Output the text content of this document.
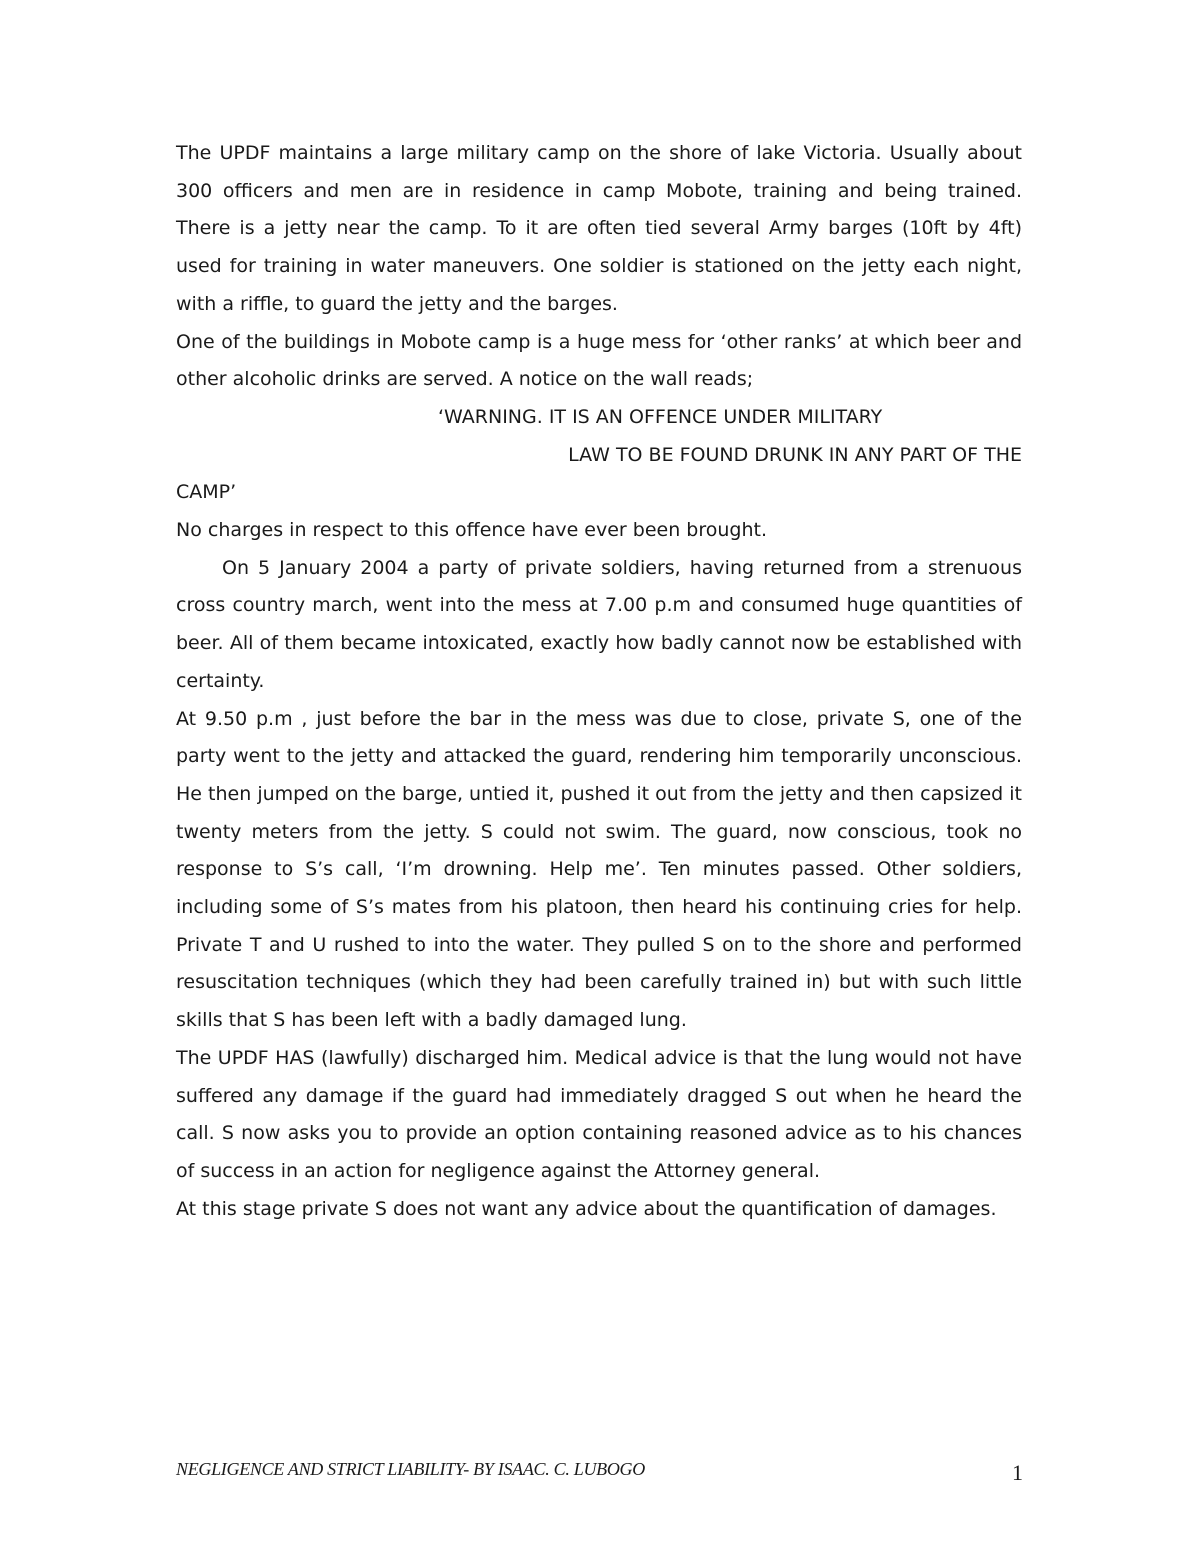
The UPDF maintains a large military camp on the shore of lake Victoria. Usually about 300 officers and men are in residence in camp Mobote, training and being trained. There is a jetty near the camp. To it are often tied several Army barges (10ft by 4ft) used for training in water maneuvers. One soldier is stationed on the jetty each night, with a riffle, to guard the jetty and the barges.

One of the buildings in Mobote camp is a huge mess for ‘other ranks’ at which beer and other alcoholic drinks are served. A notice on the wall reads;

‘WARNING. IT IS AN OFFENCE UNDER MILITARY
LAW TO BE FOUND DRUNK IN ANY PART OF THE
CAMP’

No charges in respect to this offence have ever been brought.

On 5 January 2004 a party of private soldiers, having returned from a strenuous cross country march, went into the mess at 7.00 p.m and consumed huge quantities of beer. All of them became intoxicated, exactly how badly cannot now be established with certainty.

At 9.50 p.m , just before the bar in the mess was due to close, private S, one of the party went to the jetty and attacked the guard, rendering him temporarily unconscious. He then jumped on the barge, untied it, pushed it out from the jetty and then capsized it twenty meters from the jetty. S could not swim. The guard, now conscious, took no response to S’s call, ‘I’m drowning. Help me’. Ten minutes passed. Other soldiers, including some of S’s mates from his platoon, then heard his continuing cries for help. Private T and U rushed to into the water. They pulled S on to the shore and performed resuscitation techniques (which they had been carefully trained in) but with such little skills that S has been left with a badly damaged lung.

The UPDF HAS (lawfully) discharged him. Medical advice is that the lung would not have suffered any damage if the guard had immediately dragged S out when he heard the call. S now asks you to provide an option containing reasoned advice as to his chances of success in an action for negligence against the Attorney general.

At this stage private S does not want any advice about the quantification of damages.

NEGLIGENCE AND STRICT LIABILITY- BY ISAAC. C. LUBOGO	1
